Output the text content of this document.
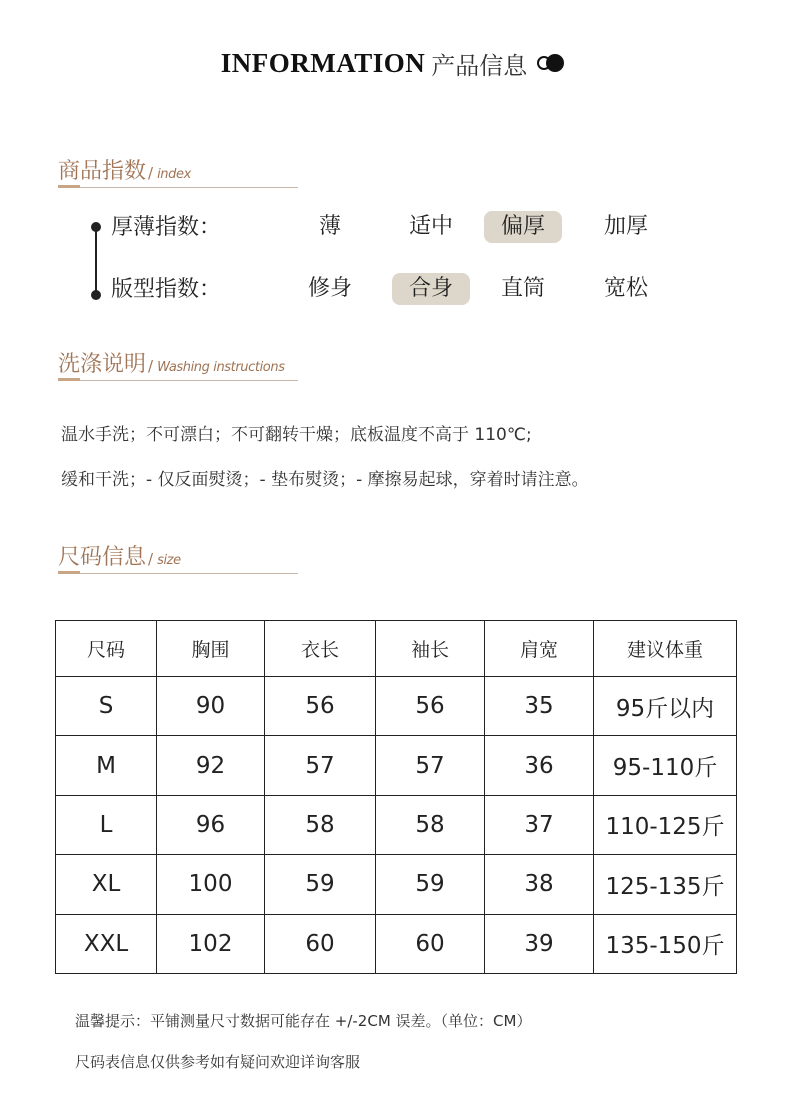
INFORMATION 产品信息
商品指数 / index
厚薄指数：	薄	适中	偏厚	加厚
版型指数：	修身	合身	直筒	宽松
洗涤说明 / Washing instructions
温水手洗；不可漂白；不可翻转干燥；底板温度不高于 110℃;
缓和干洗；- 仅反面熨烫；- 垫布熨烫；- 摩擦易起球，穿着时请注意。
尺码信息 / size
尺码	胸围	衣长	袖长	肩宽	建议体重
S	90	56	56	35	95斤以内
M	92	57	57	36	95-110斤
L	96	58	58	37	110-125斤
XL	100	59	59	38	125-135斤
XXL	102	60	60	39	135-150斤
温馨提示：平铺测量尺寸数据可能存在 +/-2CM 误差。（单位：CM）
尺码表信息仅供参考如有疑问欢迎详询客服
